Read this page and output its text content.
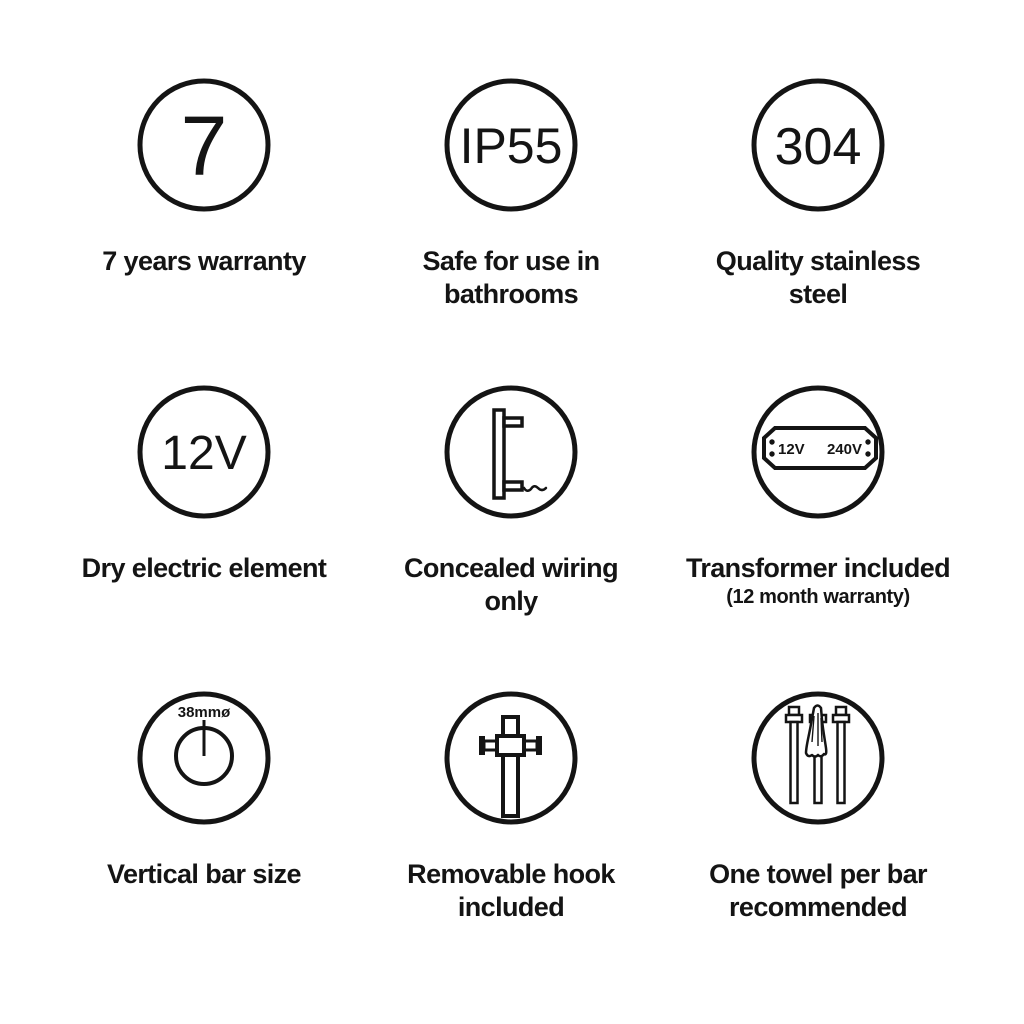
7
7 years warranty
IP55
Safe for use in
bathrooms
304
Quality stainless
steel
12V
Dry electric element	Concealed wiring
only
12V 240V
Transformer included
(12 month warranty)
38mmø
Vertical bar size	Removable hook
included
One towel per bar
recommended
